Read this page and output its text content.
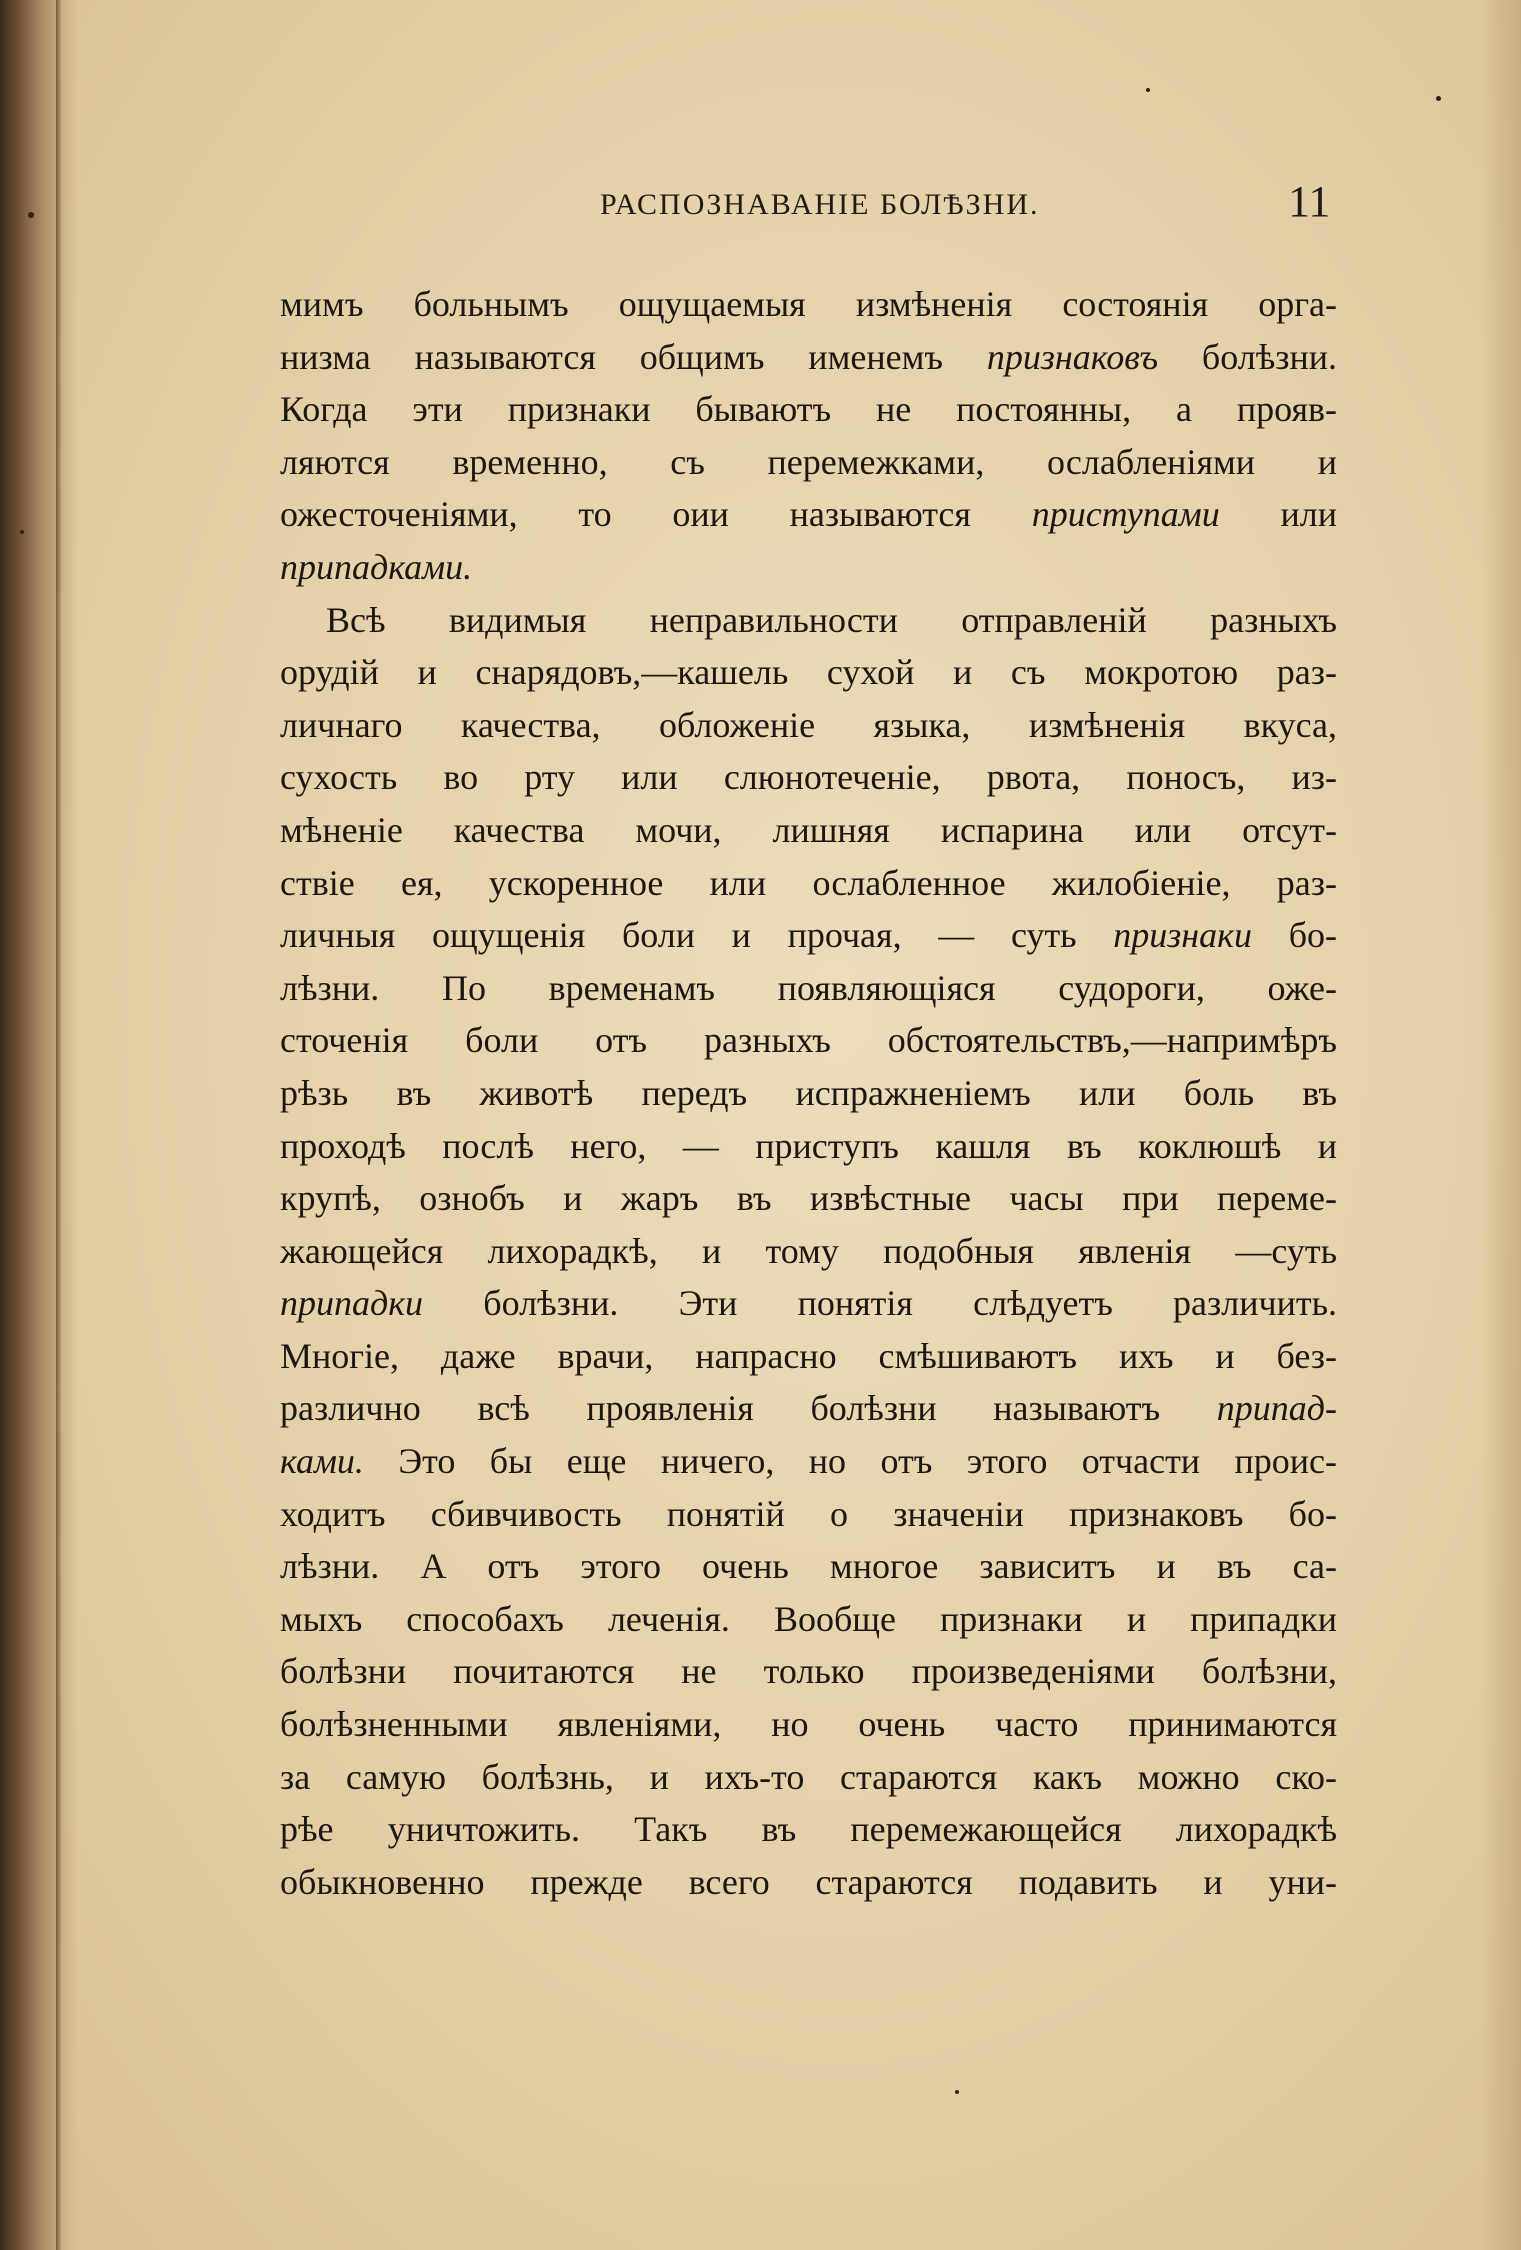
РАСПОЗНАВАНІЕ БОЛѢЗНИ.	11
мимъ больнымъ ощущаемыя измѣненія состоянія орга-
низма называются общимъ именемъ признаковъ болѣзни.
Когда эти признаки бываютъ не постоянны, а прояв-
ляются временно, съ перемежками, ослабленіями и
ожесточеніями, то оии называются приступами или
припадками.
Всѣ видимыя неправильности отправленій разныхъ
орудій и снарядовъ,—кашель сухой и съ мокротою раз-
личнаго качества, обложеніе языка, измѣненія вкуса,
сухость во рту или слюнотеченіе, рвота, поносъ, из-
мѣненіе качества мочи, лишняя испарина или отсут-
ствіе ея, ускоренное или ослабленное жилобіеніе, раз-
личныя ощущенія боли и прочая, — суть признаки бо-
лѣзни. По временамъ появляющіяся судороги, оже-
сточенія боли отъ разныхъ обстоятельствъ,—напримѣръ
рѣзь въ животѣ передъ испражненіемъ или боль въ
проходѣ послѣ него, — приступъ кашля въ коклюшѣ и
крупѣ, ознобъ и жаръ въ извѣстные часы при переме-
жающейся лихорадкѣ, и тому подобныя явленія —суть
припадки болѣзни. Эти понятія слѣдуетъ различить.
Многіе, даже врачи, напрасно смѣшиваютъ ихъ и без-
различно всѣ проявленія болѣзни называютъ припад-
ками. Это бы еще ничего, но отъ этого отчасти проис-
ходитъ сбивчивость понятій о значеніи признаковъ бо-
лѣзни. А отъ этого очень многое зависитъ и въ са-
мыхъ способахъ леченія. Вообще признаки и припадки
болѣзни почитаются не только произведеніями болѣзни,
болѣзненными явленіями, но очень часто принимаются
за самую болѣзнь, и ихъ-то стараются какъ можно ско-
рѣе уничтожить. Такъ въ перемежающейся лихорадкѣ
обыкновенно прежде всего стараются подавить и уни-
